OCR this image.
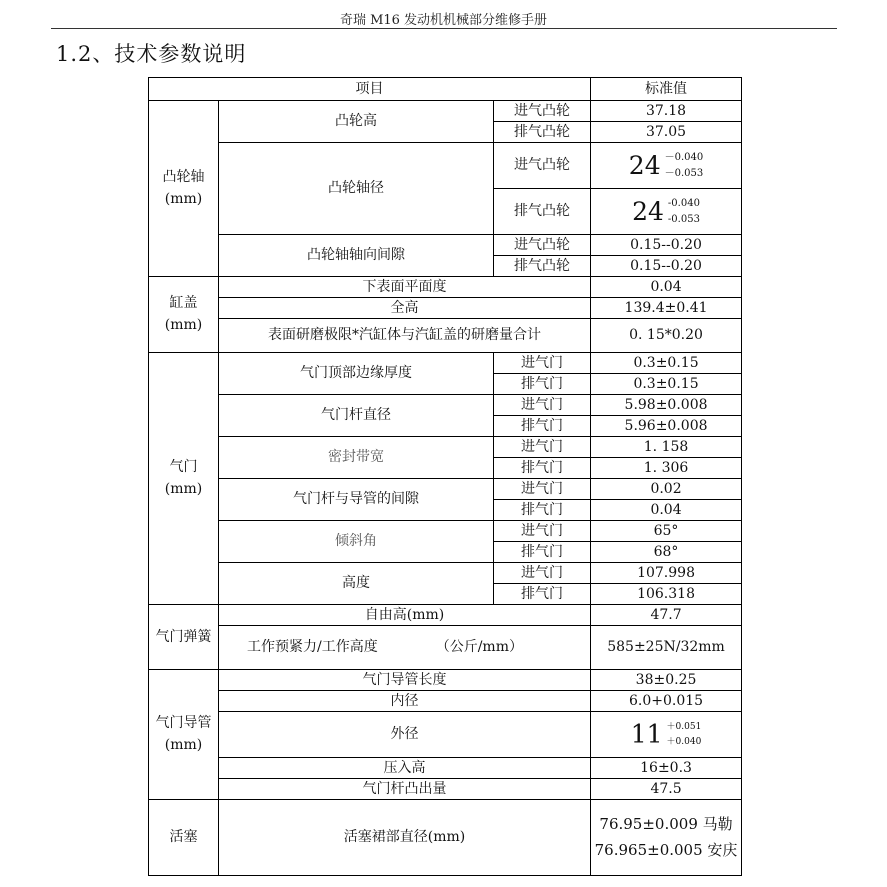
奇瑞 M16 发动机机械部分维修手册
1.2、技术参数说明
项目			标准值

凸轮轴
(mm)	凸轮高	进气凸轮	37.18
		排气凸轮	37.05
	凸轮轴径	进气凸轮	24 －0.040
－0.053
		排气凸轮	24 -0.040
-0.053
	凸轮轴轴向间隙	进气凸轮	0.15--0.20
		排气凸轮	0.15--0.20

缸盖
(mm)	下表面平面度		0.04
	全高		139.4±0.41
	表面研磨极限*汽缸体与汽缸盖的研磨量合计		0. 15*0.20

气门
(mm)	气门顶部边缘厚度	进气门	0.3±0.15
		排气门	0.3±0.15
	气门杆直径	进气门	5.98±0.008
		排气门	5.96±0.008
	密封带宽	进气门	1. 158
		排气门	1. 306
	气门杆与导管的间隙	进气门	0.02
		排气门	0.04
	倾斜角	进气门	65°
		排气门	68°
	高度	进气门	107.998
		排气门	106.318
气门弹簧	自由高(mm)		47.7
	工作预紧力/工作高度 （公斤/mm）		585±25N/32mm

气门导管
(mm)	气门导管长度		38±0.25
	内径		6.0+0.015
	外径		11 ＋0.051
＋0.040
	压入高		16±0.3
	气门杆凸出量		47.5
活塞	活塞裙部直径(mm)		76.95±0.009 马勒
76.965±0.005 安庆
